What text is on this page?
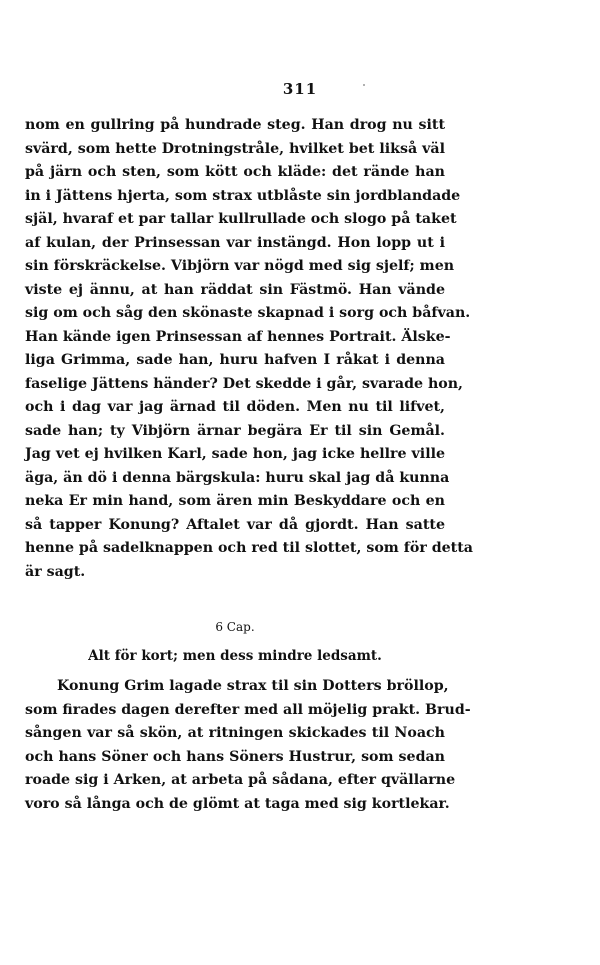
311
nom en gullring på hundrade steg. Han drog nu sitt
svärd, som hette Drotningstråle, hvilket bet likså väl
på järn och sten, som kött och kläde: det rände han
in i Jättens hjerta, som strax utblåste sin jordblandade
själ, hvaraf et par tallar kullrullade och slogo på taket
af kulan, der Prinsessan var instängd. Hon lopp ut i
sin förskräckelse. Vibjörn var nögd med sig sjelf; men
viste ej ännu, at han räddat sin Fästmö. Han vände
sig om och såg den skönaste skapnad i sorg och båfvan.
Han kände igen Prinsessan af hennes Portrait. Älske-
liga Grimma, sade han, huru hafven I råkat i denna
faselige Jättens händer? Det skedde i går, svarade hon,
och i dag var jag ärnad til döden. Men nu til lifvet,
sade han; ty Vibjörn ärnar begära Er til sin Gemål.
Jag vet ej hvilken Karl, sade hon, jag icke hellre ville
äga, än dö i denna bärgskula: huru skal jag då kunna
neka Er min hand, som ären min Beskyddare och en
så tapper Konung? Aftalet var då gjordt. Han satte
henne på sadelknappen och red til slottet, som för detta
är sagt.
6 Cap.
Alt för kort; men dess mindre ledsamt.
Konung Grim lagade strax til sin Dotters bröllop,
som firades dagen derefter med all möjelig prakt. Brud-
sången var så skön, at ritningen skickades til Noach
och hans Söner och hans Söners Hustrur, som sedan
roade sig i Arken, at arbeta på sådana, efter qvällarne
voro så långa och de glömt at taga med sig kortlekar.
